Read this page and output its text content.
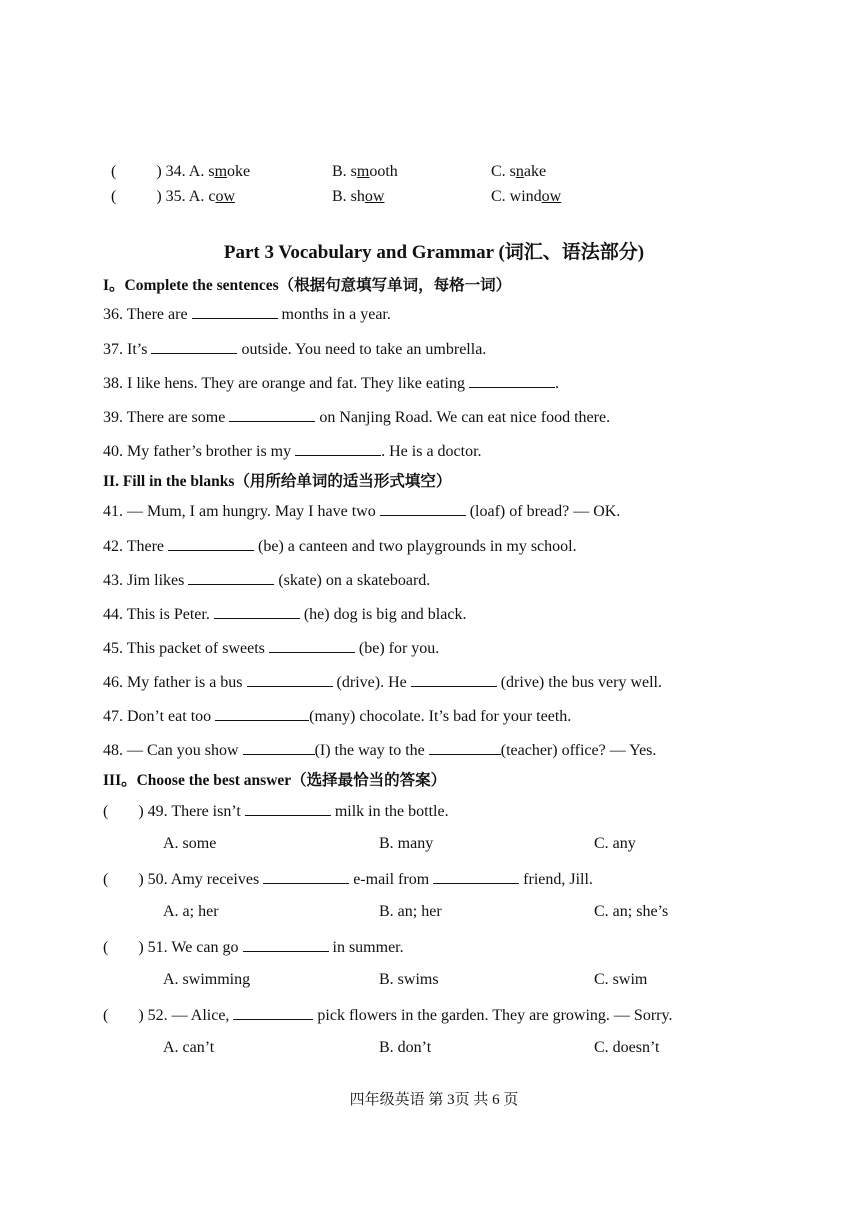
(	) 34. A. smoke	B. smooth	C. snake
(	) 35. A. cow	B. show	C. window
Part 3 Vocabulary and Grammar (词汇、语法部分)
I。Complete the sentences（根据句意填写单词，每格一词）
36. There are	months in a year.
37. It’s	outside. You need to take an umbrella.
38. I like hens. They are orange and fat. They like eating	.
39. There are some	on Nanjing Road. We can eat nice food there.
40. My father’s brother is my	. He is a doctor.
II. Fill in the blanks（用所给单词的适当形式填空）
41. — Mum, I am hungry. May I have two	(loaf) of bread? — OK.
42. There	(be) a canteen and two playgrounds in my school.
43. Jim likes	(skate) on a skateboard.
44. This is Peter.	(he) dog is big and black.
45. This packet of sweets	(be) for you.
46. My father is a bus	(drive). He	(drive) the bus very well.
47. Don’t eat too	(many) chocolate. It’s bad for your teeth.
48. — Can you show	(I) the way to the	(teacher) office? — Yes.
III。Choose the best answer（选择最恰当的答案）
( ) 49. There isn’t	milk in the bottle.
A. some	B. many	C. any
( ) 50. Amy receives	e-mail from	friend, Jill.
A. a; her	B. an; her	C. an; she’s
( ) 51. We can go	in summer.
A. swimming	B. swims	C. swim
( ) 52. — Alice,	pick flowers in the garden. They are growing. — Sorry.
A. can’t	B. don’t	C. doesn’t
四年级英语 第 3页 共 6 页
